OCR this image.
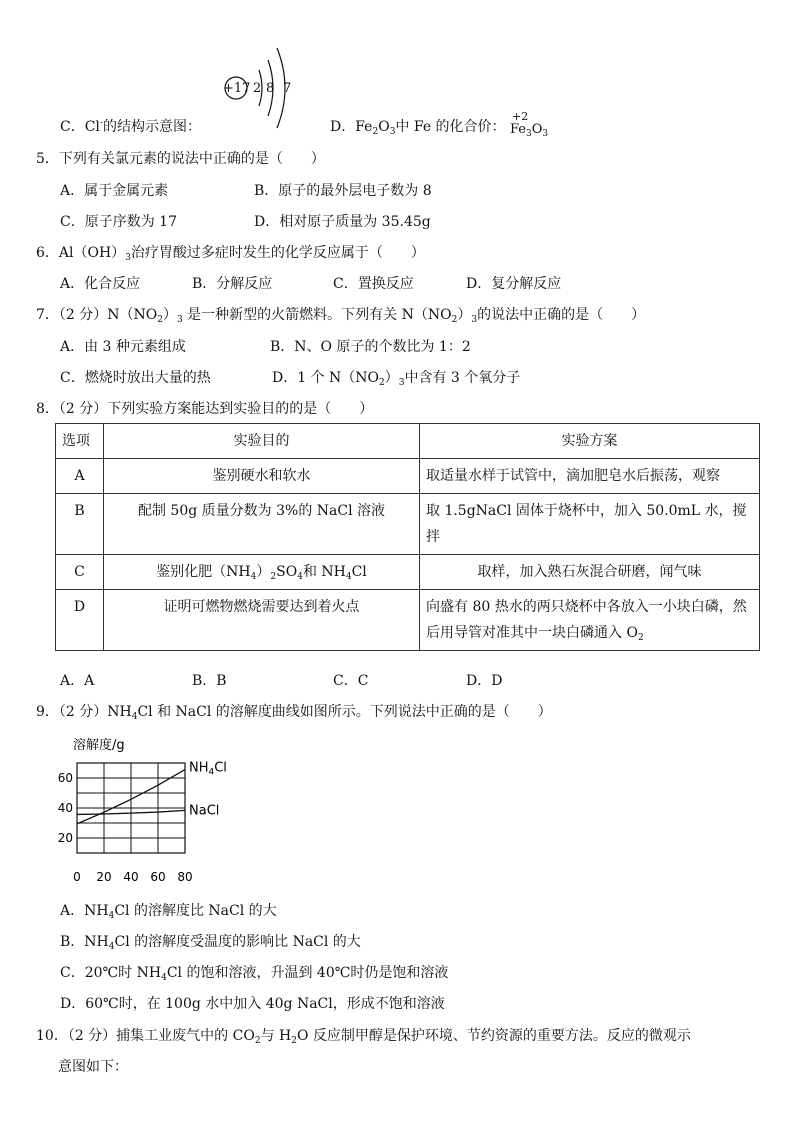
+17 2 8 7
C．Cl-的结构示意图：	D．$Fe_2O_3$中 Fe 的化合价：
+2
$Fe_3O_3$
5．下列有关氯元素的说法中正确的是（　　）
A．属于金属元素	B．原子的最外层电子数为 8
C．原子序数为 17	D．相对原子质量为 35.45g
6．$Al(OH)_3$治疗胃酸过多症时发生的化学反应属于（　　）
A．化合反应	B．分解反应	C．置换反应	D．复分解反应
7．（2 分）$N(NO_2)_3$ 是一种新型的火箭燃料。下列有关 $N(NO_2)_3$的说法中正确的是（　　）
A．由 3 种元素组成	B．N、O 原子的个数比为 1：2
C．燃烧时放出大量的热	D．1 个 $N(NO_2)_3$中含有 3 个氧分子
8．（2 分）下列实验方案能达到实验目的的是（　　）
选项	实验目的	实验方案
A	鉴别硬水和软水	取适量水样于试管中，滴加肥皂水后振荡，观察
B	配制 50g 质量分数为 3%的 NaCl 溶液	取 1.5gNaCl 固体于烧杯中，加入 50.0mL 水，搅拌
C	鉴别化肥$(NH_4)_2SO_4$和 $NH_4Cl$	取样，加入熟石灰混合研磨，闻气味
D	证明可燃物燃烧需要达到着火点	向盛有 80 热水的两只烧杯中各放入一小块白磷，然后用导管对准其中一块白磷通入 $O_2$
A．A	B．B	C．C	D．D
9．（2 分）$NH_4Cl$ 和 NaCl 的溶解度曲线如图所示。下列说法中正确的是（　　）
20
40
60
0 20 40 60 80
溶解度/g
$NH_4Cl$
NaCl
A．$NH_4Cl$ 的溶解度比 NaCl 的大
B．$NH_4Cl$ 的溶解度受温度的影响比 NaCl 的大
C．20℃时 $NH_4Cl$ 的饱和溶液，升温到 40℃时仍是饱和溶液
D．60℃时，在 100g 水中加入 40g NaCl，形成不饱和溶液
10．（2 分）捕集工业废气中的 $CO_2$与 $H_2O$ 反应制甲醇是保护环境、节约资源的重要方法。反应的微观示
意图如下：
